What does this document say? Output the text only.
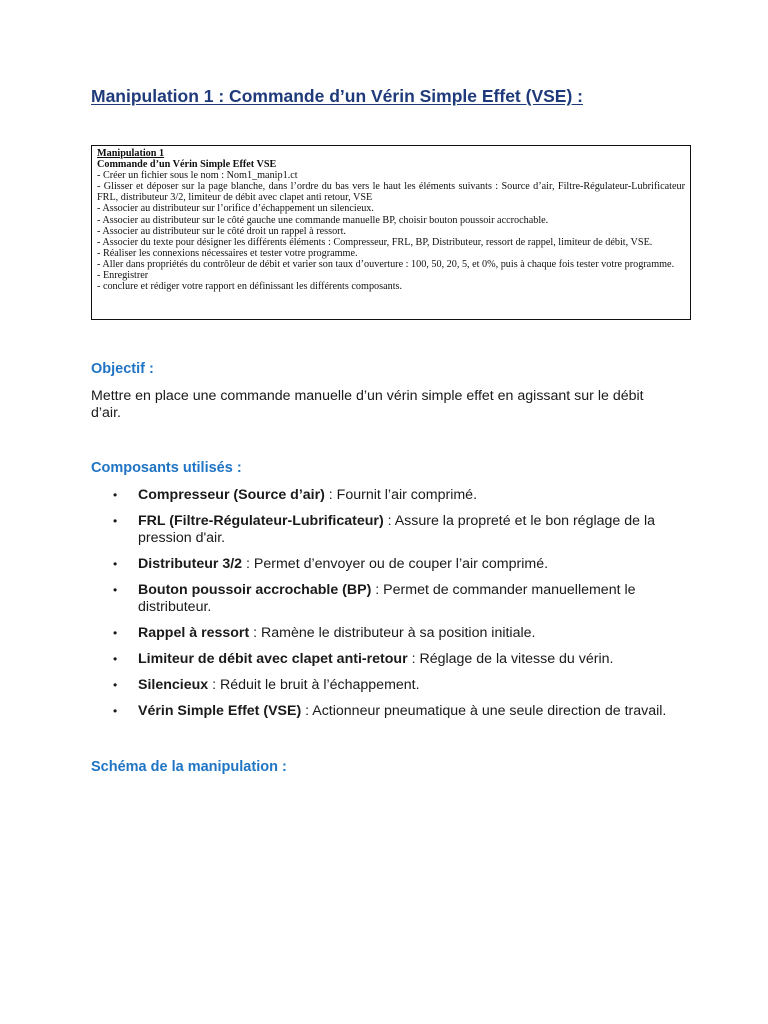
Manipulation 1 : Commande d’un Vérin Simple Effet (VSE) :
Manipulation 1
Commande d’un Vérin Simple Effet VSE
- Créer un fichier sous le nom : Nom1_manip1.ct
- Glisser et déposer sur la page blanche, dans l’ordre du bas vers le haut les éléments suivants : Source d’air, Filtre-Régulateur-Lubrificateur FRL, distributeur 3/2, limiteur de débit avec clapet anti retour, VSE
- Associer au distributeur sur l’orifice d’échappement un silencieux.
- Associer au distributeur sur le côté gauche une commande manuelle BP, choisir bouton poussoir accrochable.
- Associer au distributeur sur le côté droit un rappel à ressort.
- Associer du texte pour désigner les différents éléments : Compresseur, FRL, BP, Distributeur, ressort de rappel, limiteur de débit, VSE.
- Réaliser les connexions nécessaires et tester votre programme.
- Aller dans propriétés du contrôleur de débit et varier son taux d’ouverture : 100, 50, 20, 5, et 0%, puis à chaque fois tester votre programme.
- Enregistrer
- conclure et rédiger votre rapport en définissant les différents composants.
Objectif :
Mettre en place une commande manuelle d’un vérin simple effet en agissant sur le débit d’air.
Composants utilisés :
• Compresseur (Source d’air) : Fournit l’air comprimé.
• FRL (Filtre-Régulateur-Lubrificateur) : Assure la propreté et le bon réglage de la pression d'air.
• Distributeur 3/2 : Permet d’envoyer ou de couper l’air comprimé.
• Bouton poussoir accrochable (BP) : Permet de commander manuellement le distributeur.
• Rappel à ressort : Ramène le distributeur à sa position initiale.
• Limiteur de débit avec clapet anti-retour : Réglage de la vitesse du vérin.
• Silencieux : Réduit le bruit à l’échappement.
• Vérin Simple Effet (VSE) : Actionneur pneumatique à une seule direction de travail.
Schéma de la manipulation :
